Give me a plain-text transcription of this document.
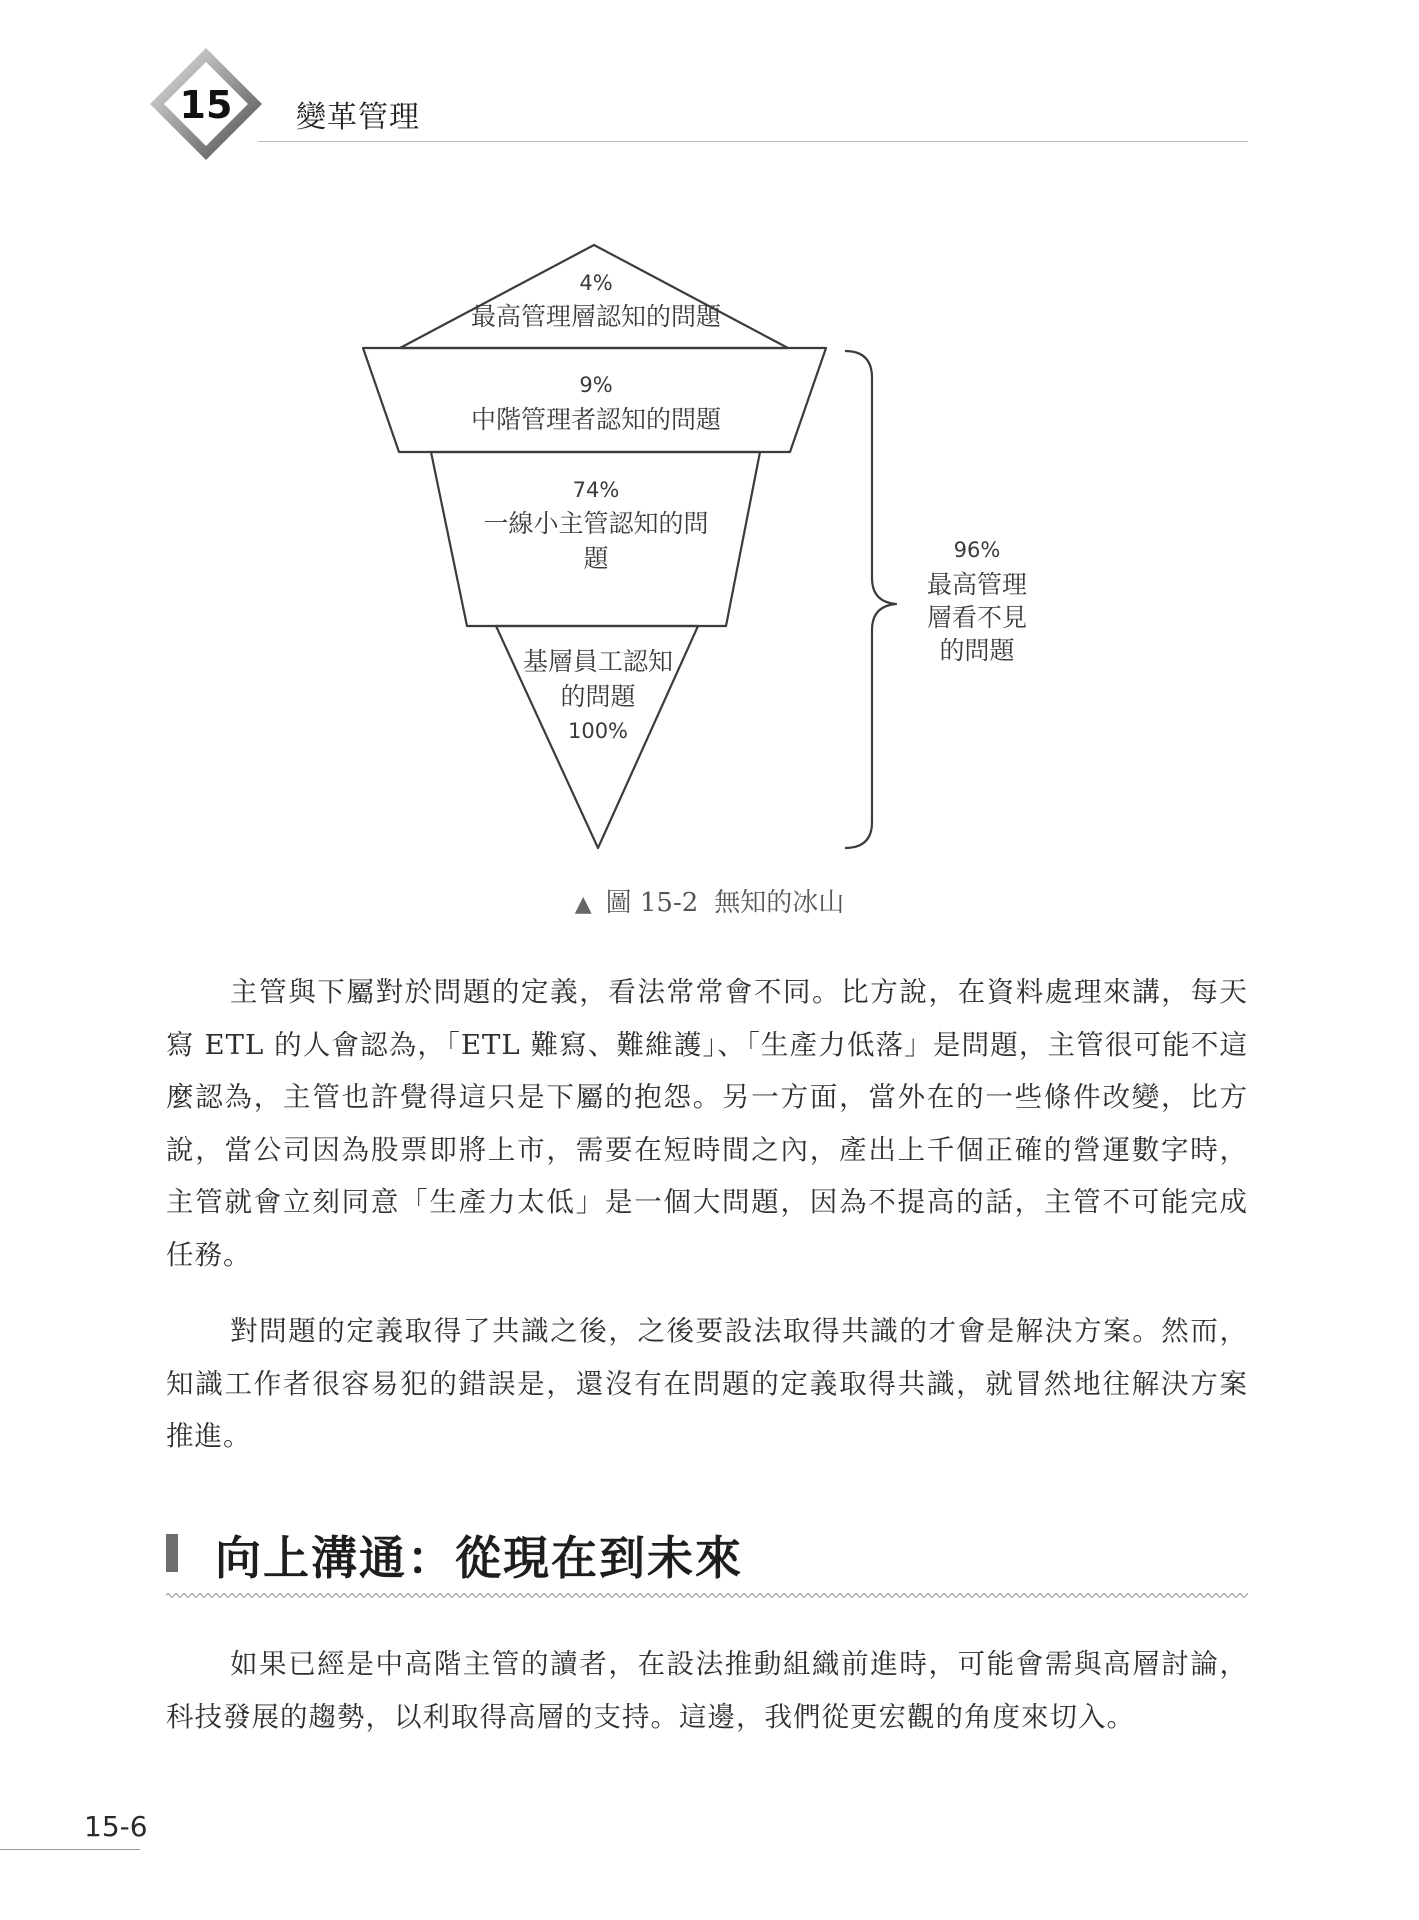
15 變革管理
4%
最高管理層認知的問題
9%
中階管理者認知的問題
74%
一線小主管認知的問
題
基層員工認知
的問題
100%
96%
最高管理
層看不見
的問題
▲ 圖 15-2 無知的冰山

主管與下屬對於問題的定義，看法常常會不同。比方說，在資料處理來講，每天寫 ETL 的人會認為，「ETL 難寫、難維護」、「生產力低落」是問題，主管很可能不這麼認為，主管也許覺得這只是下屬的抱怨。另一方面，當外在的一些條件改變，比方說，當公司因為股票即將上市，需要在短時間之內，產出上千個正確的營運數字時，主管就會立刻同意「生產力太低」是一個大問題，因為不提高的話，主管不可能完成任務。

對問題的定義取得了共識之後，之後要設法取得共識的才會是解決方案。然而，知識工作者很容易犯的錯誤是，還沒有在問題的定義取得共識，就冒然地往解決方案推進。

向上溝通：從現在到未來

如果已經是中高階主管的讀者，在設法推動組織前進時，可能會需與高層討論，科技發展的趨勢，以利取得高層的支持。這邊，我們從更宏觀的角度來切入。

15-6
